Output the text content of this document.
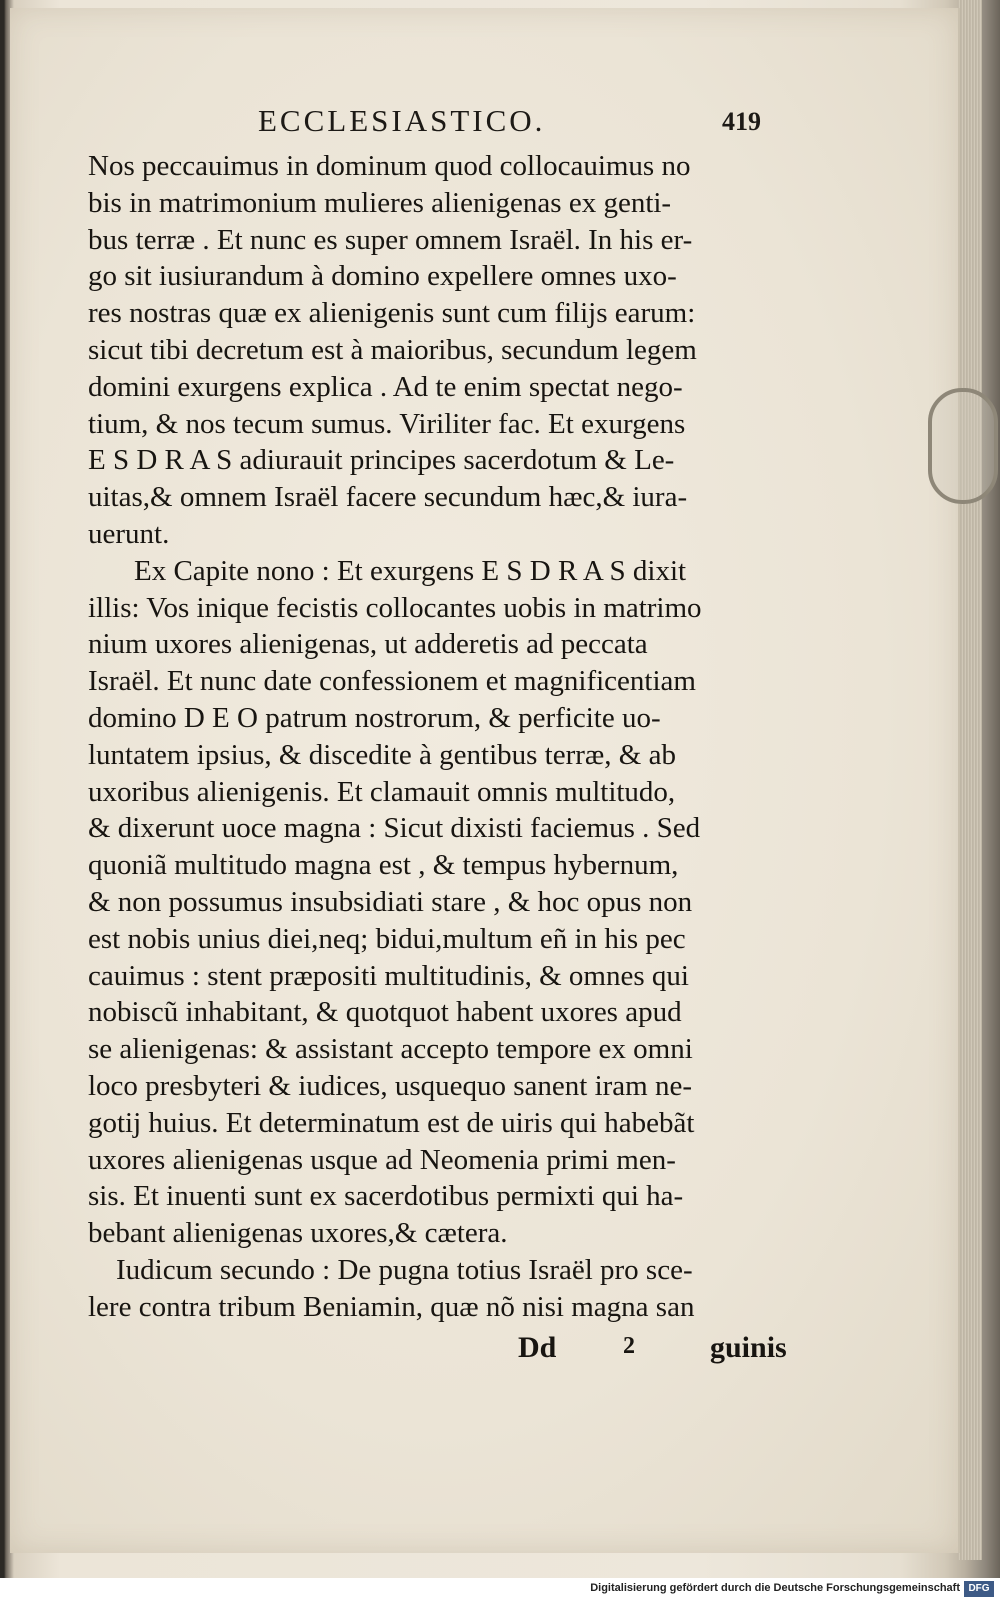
ECCLESIASTICO.	419
Nos peccauimus in dominum quod collocauimus no
bis in matrimonium mulieres alienigenas ex genti-
bus terræ . Et nunc es super omnem Israël. In his er-
go sit iusiurandum à domino expellere omnes uxo-
res nostras quæ ex alienigenis sunt cum filijs earum:
sicut tibi decretum est à maioribus, secundum legem
domini exurgens explica . Ad te enim spectat nego-
tium, & nos tecum sumus. Viriliter fac. Et exurgens
E S D R A S adiurauit principes sacerdotum & Le-
uitas,& omnem Israël facere secundum hæc,& iura-
uerunt.
Ex Capite nono : Et exurgens E S D R A S dixit
illis: Vos inique fecistis collocantes uobis in matrimo
nium uxores alienigenas, ut adderetis ad peccata
Israël. Et nunc date confessionem et magnificentiam
domino D E O patrum nostrorum, & perficite uo-
luntatem ipsius, & discedite à gentibus terræ, & ab
uxoribus alienigenis. Et clamauit omnis multitudo,
& dixerunt uoce magna : Sicut dixisti faciemus . Sed
quoniã multitudo magna est , & tempus hybernum,
& non possumus insubsidiati stare , & hoc opus non
est nobis unius diei,neq; bidui,multum eñ in his pec
cauimus : stent præpositi multitudinis, & omnes qui
nobiscũ inhabitant, & quotquot habent uxores apud
se alienigenas: & assistant accepto tempore ex omni
loco presbyteri & iudices, usquequo sanent iram ne-
gotij huius. Et determinatum est de uiris qui habebãt
uxores alienigenas usque ad Neomenia primi men-
sis. Et inuenti sunt ex sacerdotibus permixti qui ha-
bebant alienigenas uxores,& cætera.
Iudicum secundo : De pugna totius Israël pro sce-
lere contra tribum Beniamin, quæ nõ nisi magna san
Dd	2	guinis
Digitalisierung gefördert durch die Deutsche Forschungsgemeinschaft DFG
